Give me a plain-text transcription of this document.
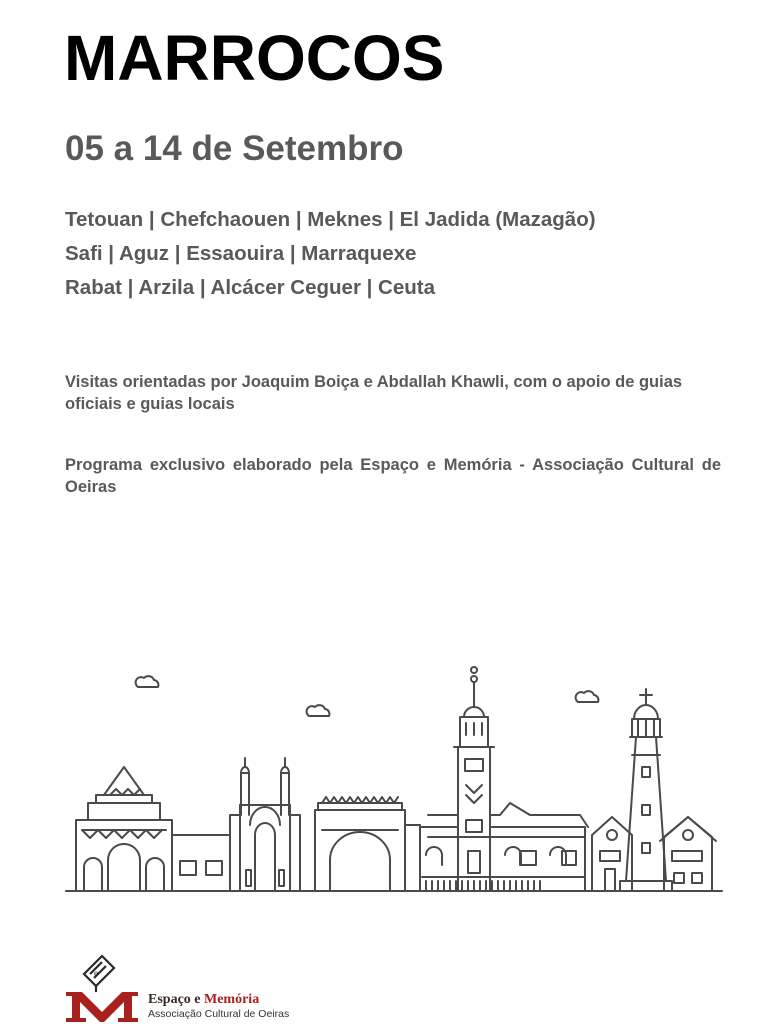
MARROCOS
05 a 14 de Setembro
Tetouan | Chefchaouen | Meknes | El Jadida (Mazagão)
Safi | Aguz | Essaouira | Marraquexe
Rabat | Arzila | Alcácer Ceguer | Ceuta
Visitas orientadas por Joaquim Boiça e Abdallah Khawli, com o apoio de guias oficiais e guias locais
Programa exclusivo elaborado pela Espaço e Memória - Associação Cultural de Oeiras
e
Espaço e Memória
Associação Cultural de Oeiras
